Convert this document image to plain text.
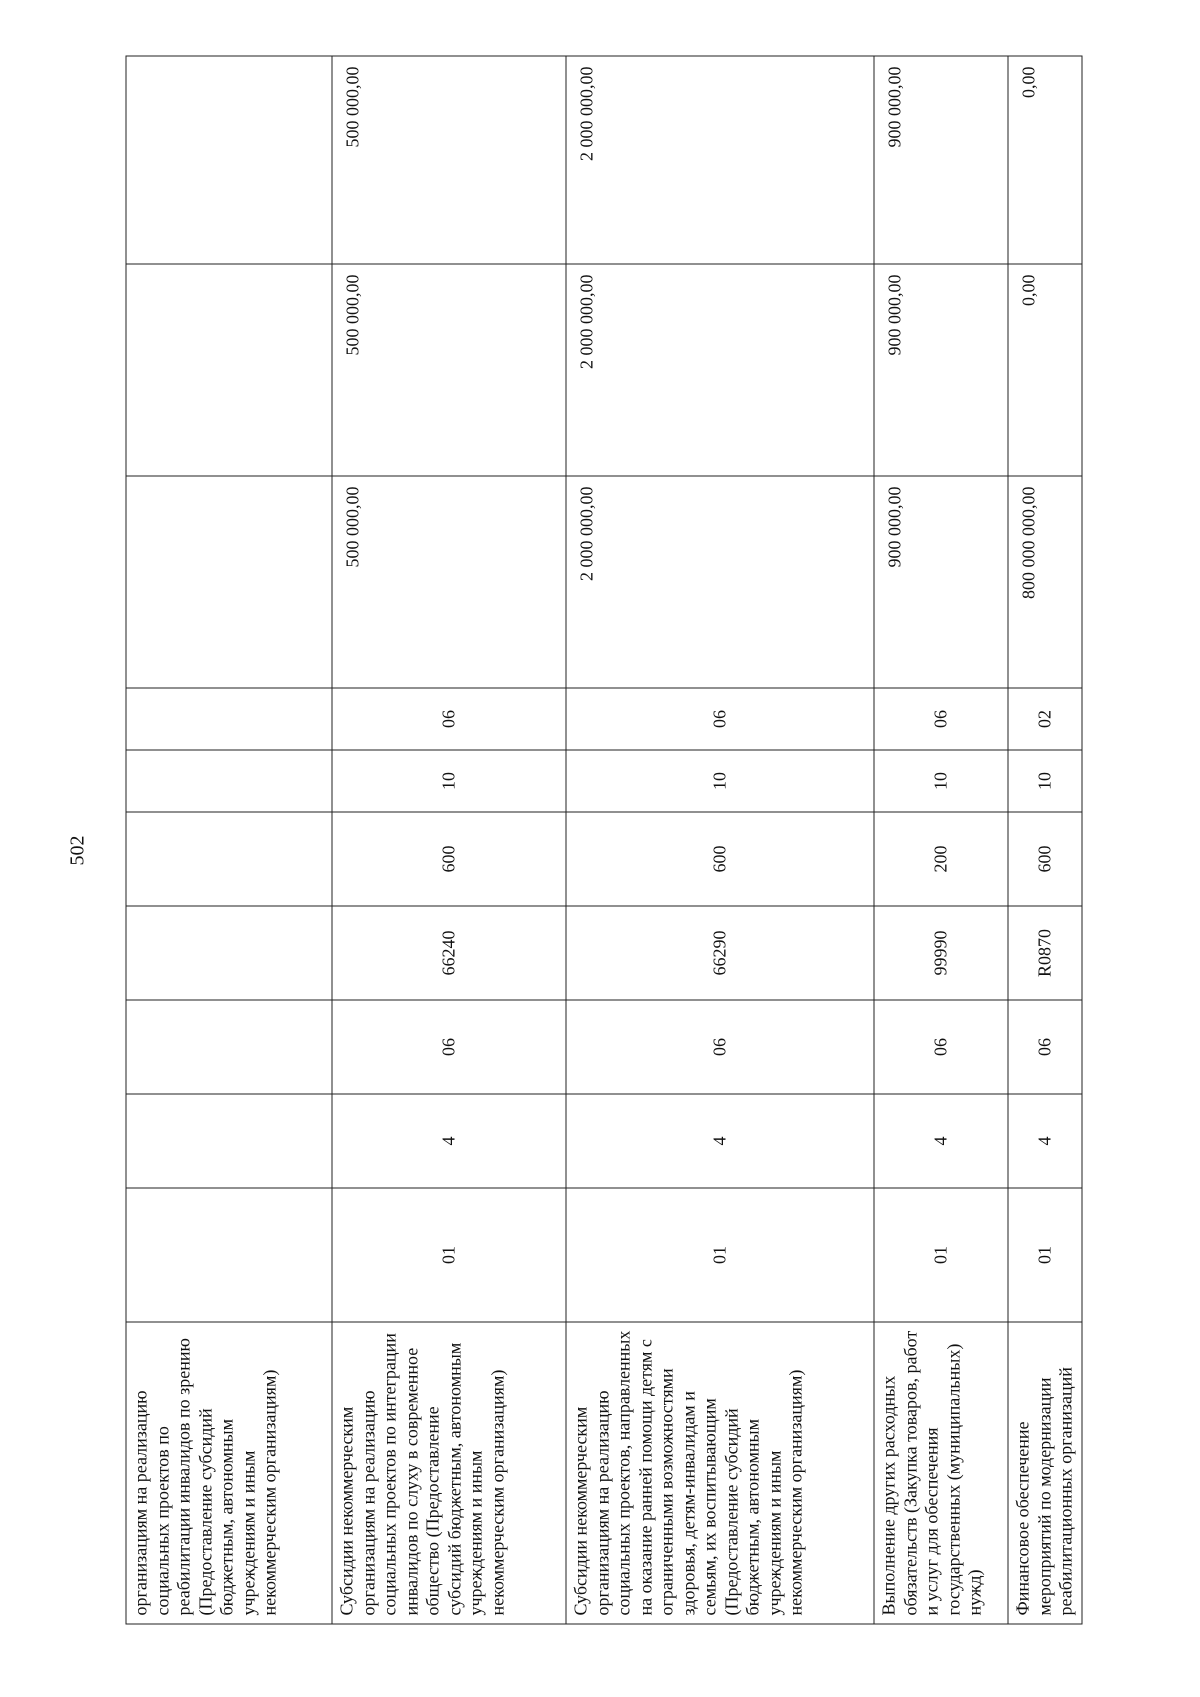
502
организациям на реализацию социальных проектов по реабилитации инвалидов по зрению (Предоставление субсидий бюджетным, автономным учреждениям и иным некоммерческим организациям)										
Субсидии некоммерческим организациям на реализацию социальных проектов по интеграции инвалидов по слуху в современное общество (Предоставление субсидий бюджетным, автономным учреждениям и иным некоммерческим организациям)	01	4	06	66240	600	10	06	500 000,00	500 000,00	500 000,00
Субсидии некоммерческим организациям на реализацию социальных проектов, направленных на оказание ранней помощи детям с ограниченными возможностями здоровья, детям-инвалидам и семьям, их воспитывающим (Предоставление субсидий бюджетным, автономным учреждениям и иным некоммерческим организациям)	01	4	06	66290	600	10	06	2 000 000,00	2 000 000,00	2 000 000,00
Выполнение других расходных обязательств (Закупка товаров, работ и услуг для обеспечения государственных (муниципальных) нужд)	01	4	06	99990	200	10	06	900 000,00	900 000,00	900 000,00
Финансовое обеспечение мероприятий по модернизации реабилитационных организаций	01	4	06	R0870	600	10	02	800 000 000,00	0,00	0,00
